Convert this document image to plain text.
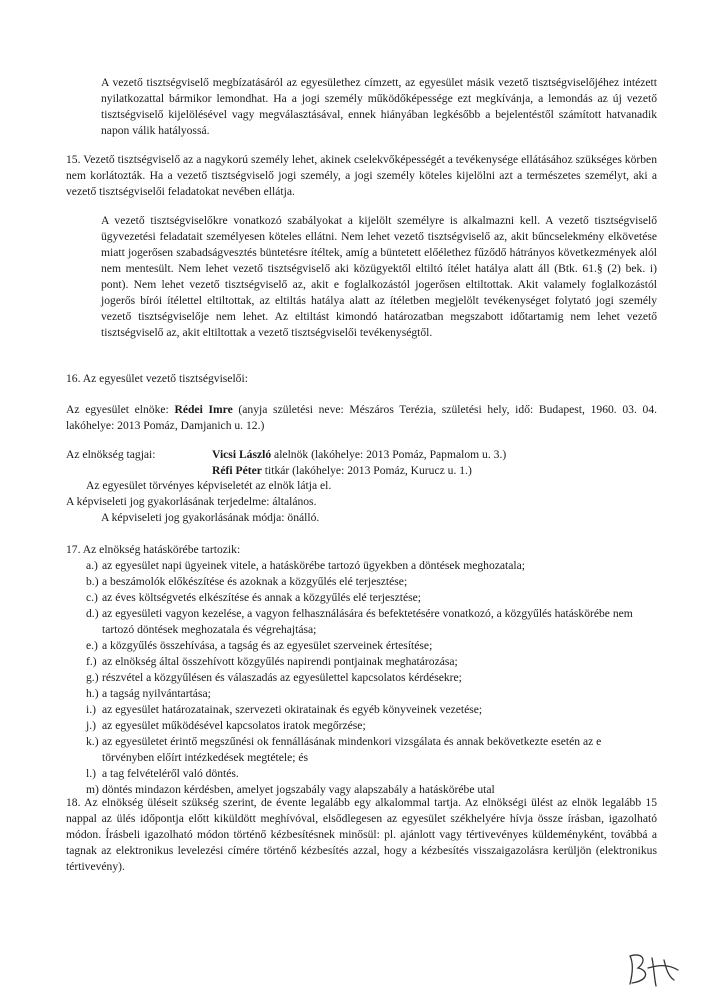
A vezető tisztségviselő megbízatásáról az egyesülethez címzett, az egyesület másik vezető tisztségviselőjéhez intézett nyilatkozattal bármikor lemondhat. Ha a jogi személy működőképessége ezt megkívánja, a lemondás az új vezető tisztségviselő kijelölésével vagy megválasztásával, ennek hiányában legkésőbb a bejelentéstől számított hatvanadik napon válik hatályossá.

15. Vezető tisztségviselő az a nagykorú személy lehet, akinek cselekvőképességét a tevékenysége ellátásához szükséges körben nem korlátozták. Ha a vezető tisztségviselő jogi személy, a jogi személy köteles kijelölni azt a természetes személyt, aki a vezető tisztségviselői feladatokat nevében ellátja.

A vezető tisztségviselőkre vonatkozó szabályokat a kijelölt személyre is alkalmazni kell. A vezető tisztségviselő ügyvezetési feladatait személyesen köteles ellátni. Nem lehet vezető tisztségviselő az, akit bűncselekmény elkövetése miatt jogerősen szabadságvesztés büntetésre ítéltek, amíg a büntetett előélethez fűződő hátrányos következmények alól nem mentesült. Nem lehet vezető tisztségviselő aki közügyektől eltiltó ítélet hatálya alatt áll (Btk. 61.§ (2) bek. i) pont). Nem lehet vezető tisztségviselő az, akit e foglalkozástól jogerősen eltiltottak. Akit valamely foglalkozástól jogerős bírói ítélettel eltiltottak, az eltiltás hatálya alatt az ítéletben megjelölt tevékenységet folytató jogi személy vezető tisztségviselője nem lehet. Az eltiltást kimondó határozatban megszabott időtartamig nem lehet vezető tisztségviselő az, akit eltiltottak a vezető tisztségviselői tevékenységtől.

16. Az egyesület vezető tisztségviselői:

Az egyesület elnöke: Rédei Imre (anyja születési neve: Mészáros Terézia, születési hely, idő: Budapest, 1960. 03. 04. lakóhelye: 2013 Pomáz, Damjanich u. 12.)

Az elnökség tagjai:	Vicsi László alelnök (lakóhelye: 2013 Pomáz, Papmalom u. 3.)

Réfi Péter titkár (lakóhelye: 2013 Pomáz, Kurucz u. 1.)

Az egyesület törvényes képviseletét az elnök látja el.

A képviseleti jog gyakorlásának terjedelme: általános.

A képviseleti jog gyakorlásának módja: önálló.

17. Az elnökség hatáskörébe tartozik:

a.) az egyesület napi ügyeinek vitele, a hatáskörébe tartozó ügyekben a döntések meghozatala;
b.) a beszámolók előkészítése és azoknak a közgyűlés elé terjesztése;
c.) az éves költségvetés elkészítése és annak a közgyűlés elé terjesztése;
d.) az egyesületi vagyon kezelése, a vagyon felhasználására és befektetésére vonatkozó, a közgyűlés hatáskörébe nem tartozó döntések meghozatala és végrehajtása;
e.) a közgyűlés összehívása, a tagság és az egyesület szerveinek értesítése;
f.) az elnökség által összehívott közgyűlés napirendi pontjainak meghatározása;
g.) részvétel a közgyűlésen és válaszadás az egyesülettel kapcsolatos kérdésekre;
h.) a tagság nyilvántartása;
i.) az egyesület határozatainak, szervezeti okiratainak és egyéb könyveinek vezetése;
j.) az egyesület működésével kapcsolatos iratok megőrzése;
k.) az egyesületet érintő megszűnési ok fennállásának mindenkori vizsgálata és annak bekövetkezte esetén az e törvényben előírt intézkedések megtétele; és
l.) a tag felvételéről való döntés.
m) döntés mindazon kérdésben, amelyet jogszabály vagy alapszabály a hatáskörébe utal

18. Az elnökség üléseit szükség szerint, de évente legalább egy alkalommal tartja. Az elnökségi ülést az elnök legalább 15 nappal az ülés időpontja előtt kiküldött meghívóval, elsődlegesen az egyesület székhelyére hívja össze írásban, igazolható módon. Írásbeli igazolható módon történő kézbesítésnek minősül: pl. ajánlott vagy tértivevényes küldeményként, továbbá a tagnak az elektronikus levelezési címére történő kézbesítés azzal, hogy a kézbesítés visszaigazolásra kerüljön (elektronikus tértivevény).
